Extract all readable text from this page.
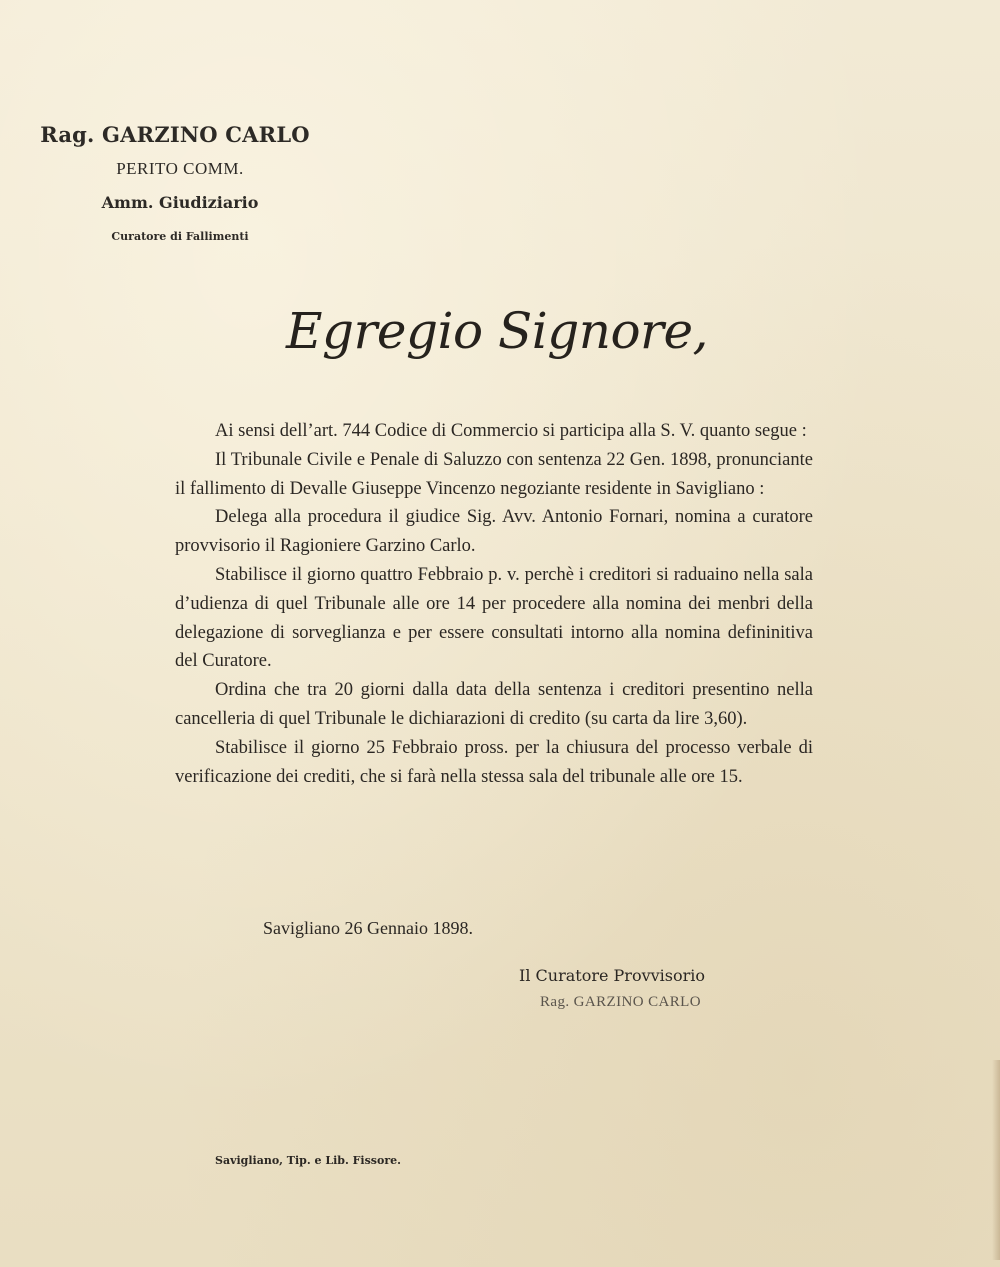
Rag. GARZINO CARLO
PERITO COMM.
Amm. Giudiziario
Curatore di Fallimenti
Egregio Signore,

Ai sensi dell’art. 744 Codice di Commercio si participa alla S. V. quanto segue :

Il Tribunale Civile e Penale di Saluzzo con sentenza 22 Gen. 1898, pronunciante il fallimento di Devalle Giuseppe Vincenzo negoziante residente in Savigliano :

Delega alla procedura il giudice Sig. Avv. Antonio Fornari, nomina a curatore provvisorio il Ragioniere Garzino Carlo.

Stabilisce il giorno quattro Febbraio p. v. perchè i creditori si raduaino nella sala d’udienza di quel Tribunale alle ore 14 per procedere alla nomina dei menbri della delegazione di sorveglianza e per essere consultati intorno alla nomina defininitiva del Curatore.

Ordina che tra 20 giorni dalla data della sentenza i creditori presentino nella cancelleria di quel Tribunale le dichiarazioni di credito (su carta da lire 3,60).

Stabilisce il giorno 25 Febbraio pross. per la chiusura del processo verbale di verificazione dei crediti, che si farà nella stessa sala del tribunale alle ore 15.

Savigliano 26 Gennaio 1898.
Il Curatore Provvisorio
Rag. GARZINO CARLO
Savigliano, Tip. e Lib. Fissore.
